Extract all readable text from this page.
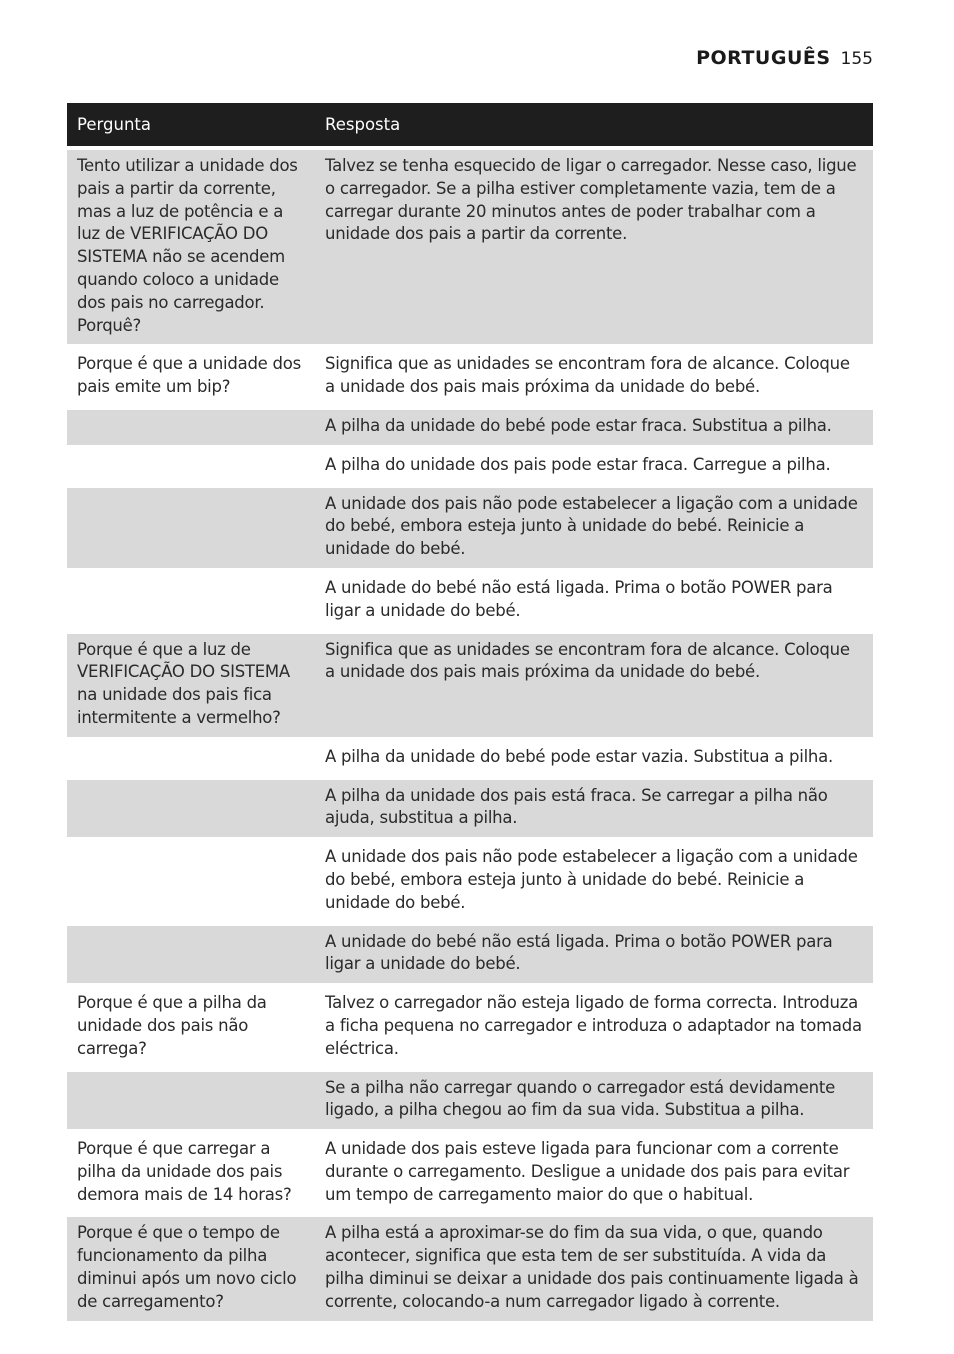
PORTUGUÊS 155
Pergunta	Resposta
Tento utilizar a unidade dos pais a partir da corrente, mas a luz de potência e a luz de VERIFICAÇÃO DO SISTEMA não se acendem quando coloco a unidade dos pais no carregador. Porquê?	Talvez se tenha esquecido de ligar o carregador. Nesse caso, ligue o carregador. Se a pilha estiver completamente vazia, tem de a carregar durante 20 minutos antes de poder trabalhar com a unidade dos pais a partir da corrente.
Porque é que a unidade dos pais emite um bip?	Significa que as unidades se encontram fora de alcance. Coloque a unidade dos pais mais próxima da unidade do bebé.
	A pilha da unidade do bebé pode estar fraca. Substitua a pilha.
	A pilha do unidade dos pais pode estar fraca. Carregue a pilha.
	A unidade dos pais não pode estabelecer a ligação com a unidade do bebé, embora esteja junto à unidade do bebé. Reinicie a unidade do bebé.
	A unidade do bebé não está ligada. Prima o botão POWER para ligar a unidade do bebé.
Porque é que a luz de VERIFICAÇÃO DO SISTEMA na unidade dos pais fica intermitente a vermelho?	Significa que as unidades se encontram fora de alcance. Coloque a unidade dos pais mais próxima da unidade do bebé.
	A pilha da unidade do bebé pode estar vazia. Substitua a pilha.
	A pilha da unidade dos pais está fraca. Se carregar a pilha não ajuda, substitua a pilha.
	A unidade dos pais não pode estabelecer a ligação com a unidade do bebé, embora esteja junto à unidade do bebé. Reinicie a unidade do bebé.
	A unidade do bebé não está ligada. Prima o botão POWER para ligar a unidade do bebé.
Porque é que a pilha da unidade dos pais não carrega?	Talvez o carregador não esteja ligado de forma correcta. Introduza a ficha pequena no carregador e introduza o adaptador na tomada eléctrica.
	Se a pilha não carregar quando o carregador está devidamente ligado, a pilha chegou ao fim da sua vida. Substitua a pilha.
Porque é que carregar a pilha da unidade dos pais demora mais de 14 horas?	A unidade dos pais esteve ligada para funcionar com a corrente durante o carregamento. Desligue a unidade dos pais para evitar um tempo de carregamento maior do que o habitual.
Porque é que o tempo de funcionamento da pilha diminui após um novo ciclo de carregamento?	A pilha está a aproximar-se do fim da sua vida, o que, quando acontecer, significa que esta tem de ser substituída. A vida da pilha diminui se deixar a unidade dos pais continuamente ligada à corrente, colocando-a num carregador ligado à corrente.
